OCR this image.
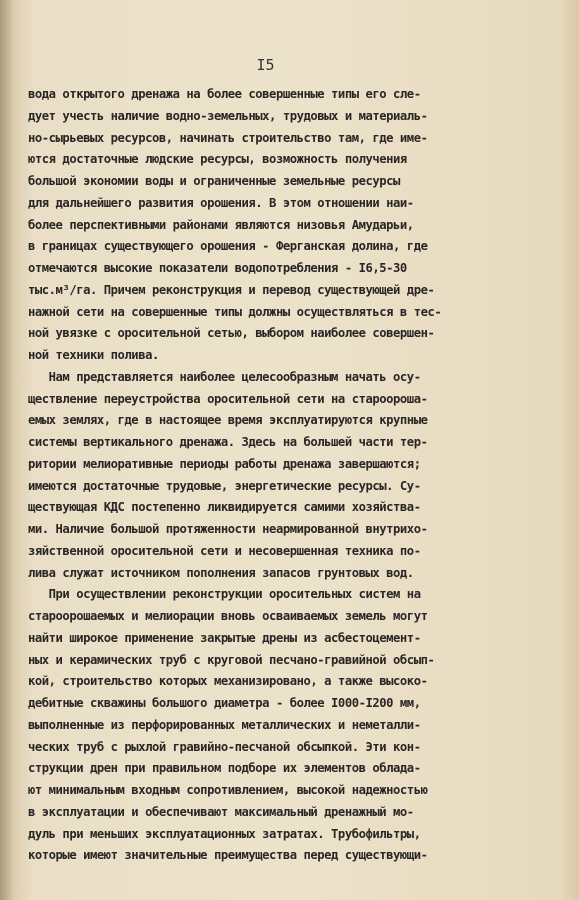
I5
вода открытого дренажа на более совершенные типы его сле-
дует учесть наличие водно-земельных, трудовых и материаль-
но-сырьевых ресурсов, начинать строительство там, где име-
ются достаточные людские ресурсы, возможность получения
большой экономии воды и ограниченные земельные ресурсы
для дальнейшего развития орошения. В этом отношении наи-
более перспективными районами являются низовья Амударьи,
в границах существующего орошения - Ферганская долина, где
отмечаются высокие показатели водопотребления - I6,5-30
тыс.м³/га. Причем реконструкция и перевод существующей дре-
нажной сети на совершенные типы должны осуществляться в тес-
ной увязке с оросительной сетью, выбором наиболее совершен-
ной техники полива.
Нам представляется наиболее целесообразным начать осу-
ществление переустройства оросительной сети на староороша-
емых землях, где в настоящее время эксплуатируются крупные
системы вертикального дренажа. Здесь на большей части тер-
ритории мелиоративные периоды работы дренажа завершаются;
имеются достаточные трудовые, энергетические ресурсы. Су-
ществующая КДС постепенно ликвидируется самими хозяйства-
ми. Наличие большой протяженности неармированной внутрихо-
зяйственной оросительной сети и несовершенная техника по-
лива служат источником пополнения запасов грунтовых вод.
При осуществлении реконструкции оросительных систем на
староорошаемых и мелиорации вновь осваиваемых земель могут
найти широкое применение закрытые дрены из асбестоцемент-
ных и керамических труб с круговой песчано-гравийной обсып-
кой, строительство которых механизировано, а также высоко-
дебитные скважины большого диаметра - более I000-I200 мм,
выполненные из перфорированных металлических и неметалли-
ческих труб с рыхлой гравийно-песчаной обсыпкой. Эти кон-
струкции дрен при правильном подборе их элементов облада-
ют минимальным входным сопротивлением, высокой надежностью
в эксплуатации и обеспечивают максимальный дренажный мо-
дуль при меньших эксплуатационных затратах. Трубофильтры,
которые имеют значительные преимущества перед существующи-
